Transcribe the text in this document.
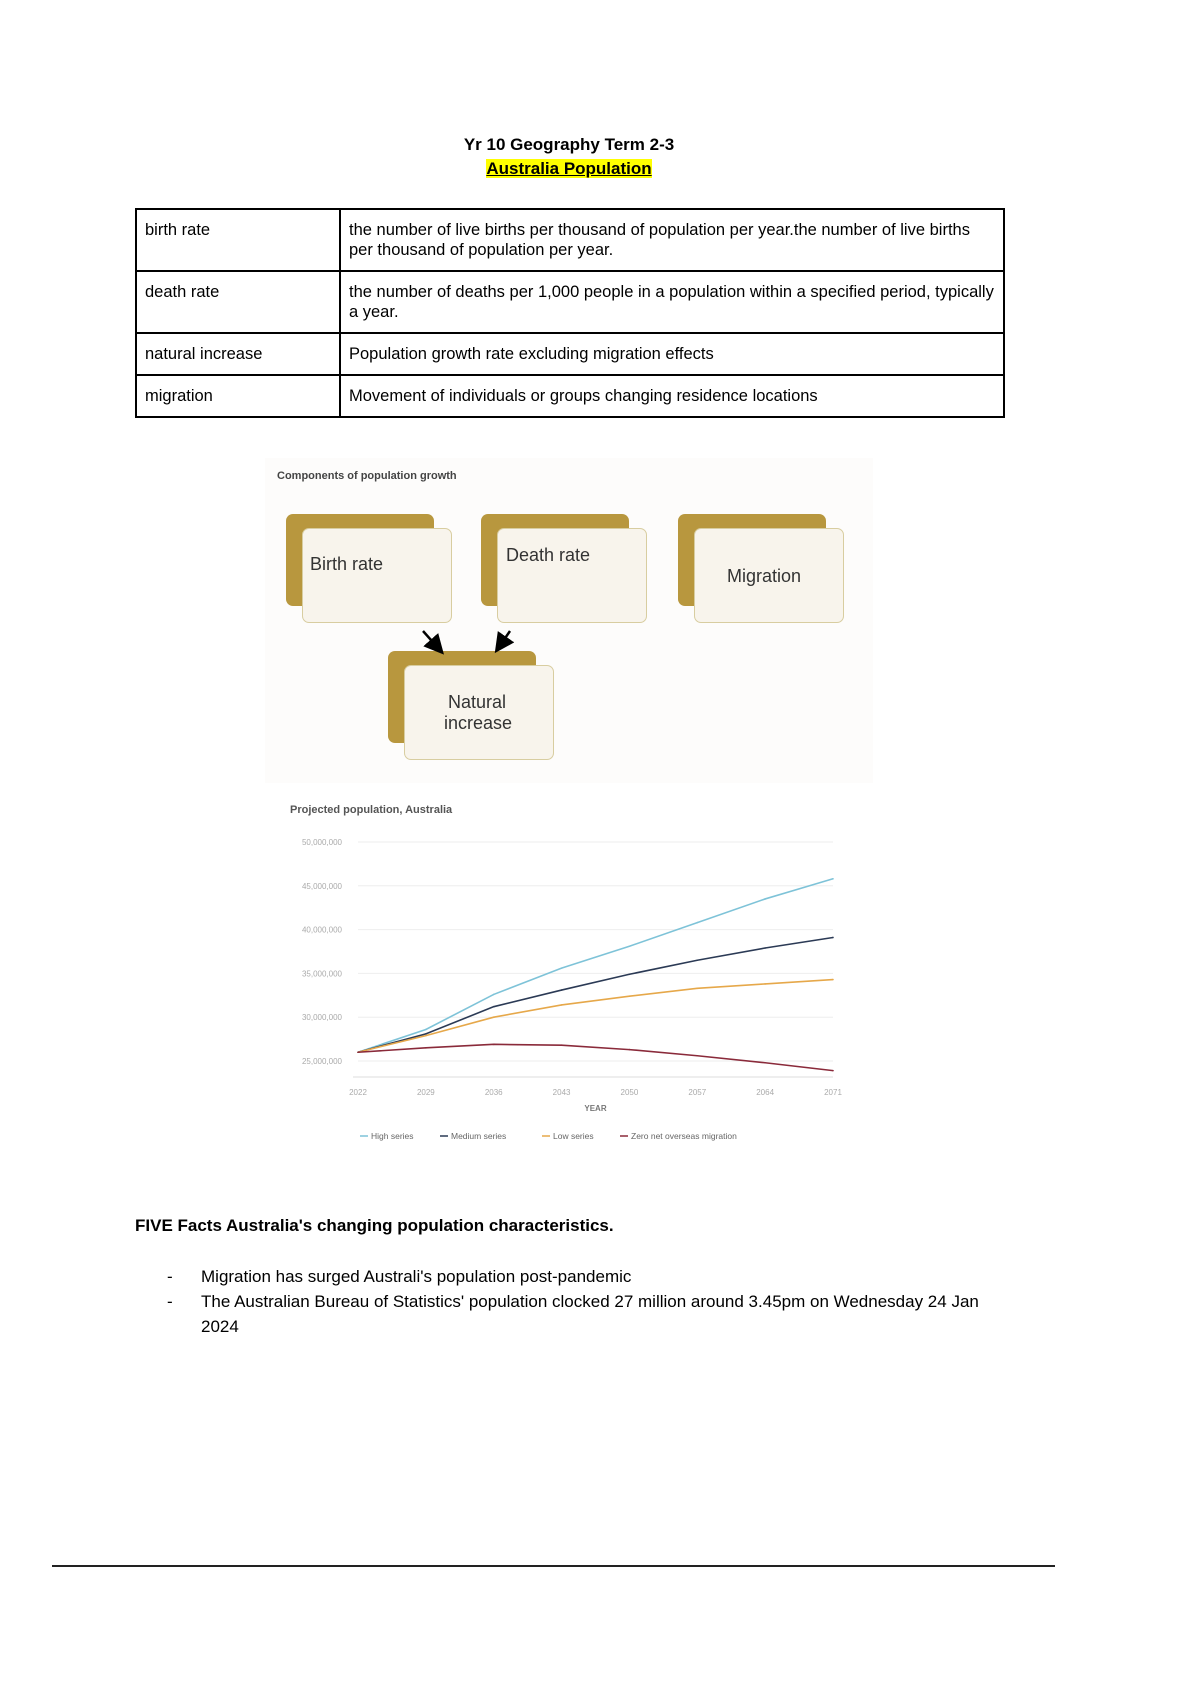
Yr 10 Geography Term 2-3
Australia Population
birth rate	the number of live births per thousand of population per year.the number of live births per thousand of population per year.
death rate	the number of deaths per 1,000 people in a population within a specified period, typically a year.
natural increase	Population growth rate excluding migration effects
migration	Movement of individuals or groups changing residence locations
Components of population growth
Birth rate	Death rate
Migration
Natural
increase
Projected population, Australia
25,000,000
30,000,000
35,000,000
40,000,000
45,000,000
50,000,000
2022	2029	2036	2043	2050	2057	2064	2071
YEAR
High series	Medium series	Low series	Zero net overseas migration
FIVE Facts Australia's changing population characteristics.
- Migration has surged Australi's population post-pandemic
- The Australian Bureau of Statistics' population clocked 27 million around 3.45pm on Wednesday 24 Jan 2024
